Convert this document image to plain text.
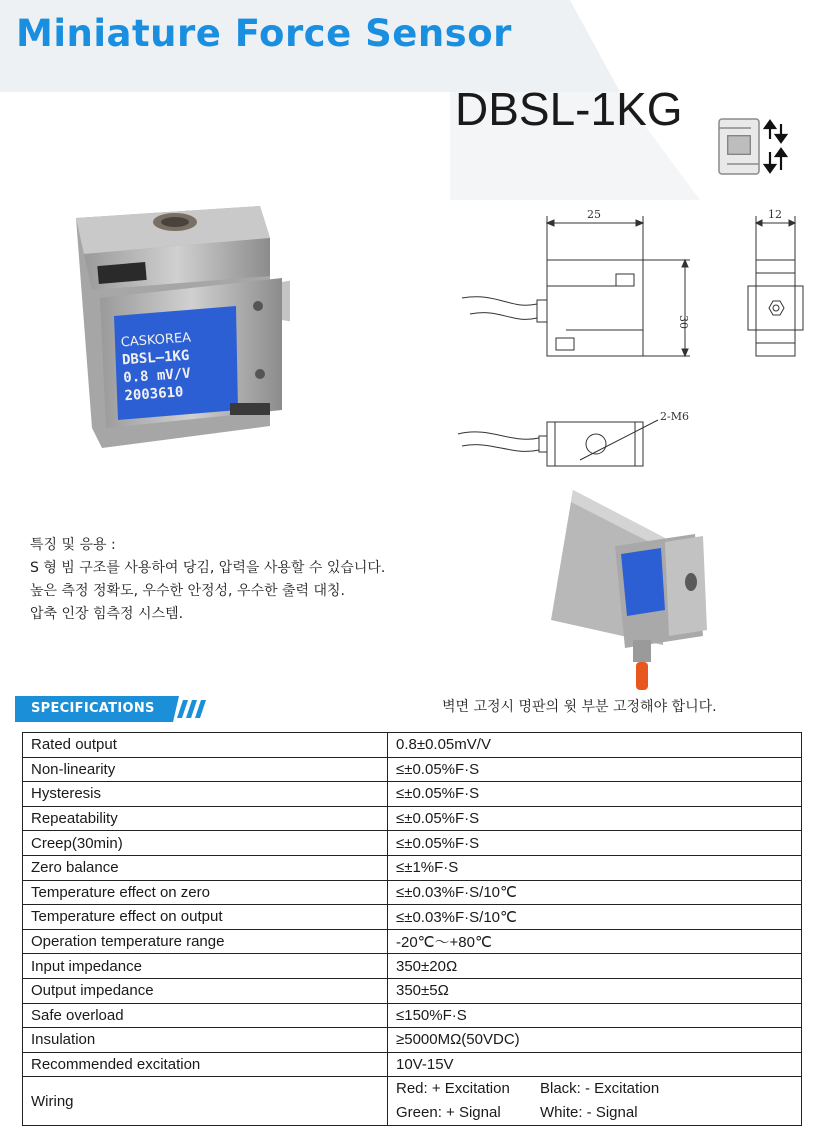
Miniature Force Sensor
DBSL-1KG
CASKOREA
DBSL–1KG
0.8 mV/V
2003610
25	12
30
2-M6
특징 및 응용 :
S 형 빔 구조를 사용하여 당김, 압력을 사용할 수 있습니다.
높은 측정 정확도, 우수한 안정성, 우수한 출력 대칭.
압축 인장 힘측정 시스템.
SPECIFICATIONS	벽면 고정시 명판의 윗 부분 고정해야 합니다.
Rated output	0.8±0.05mV/V
Non-linearity	≤±0.05%F·S
Hysteresis	≤±0.05%F·S
Repeatability	≤±0.05%F·S
Creep(30min)	≤±0.05%F·S
Zero balance	≤±1%F·S
Temperature effect on zero	≤±0.03%F·S/10℃
Temperature effect on output	≤±0.03%F·S/10℃
Operation temperature range	-20℃～+80℃
Input impedance	350±20Ω
Output impedance	350±5Ω
Safe overload	≤150%F·S
Insulation	≥5000MΩ(50VDC)
Recommended excitation	10V-15V
Wiring	Red: + Excitation Black: - Excitation
Green: + Signal White: - Signal
